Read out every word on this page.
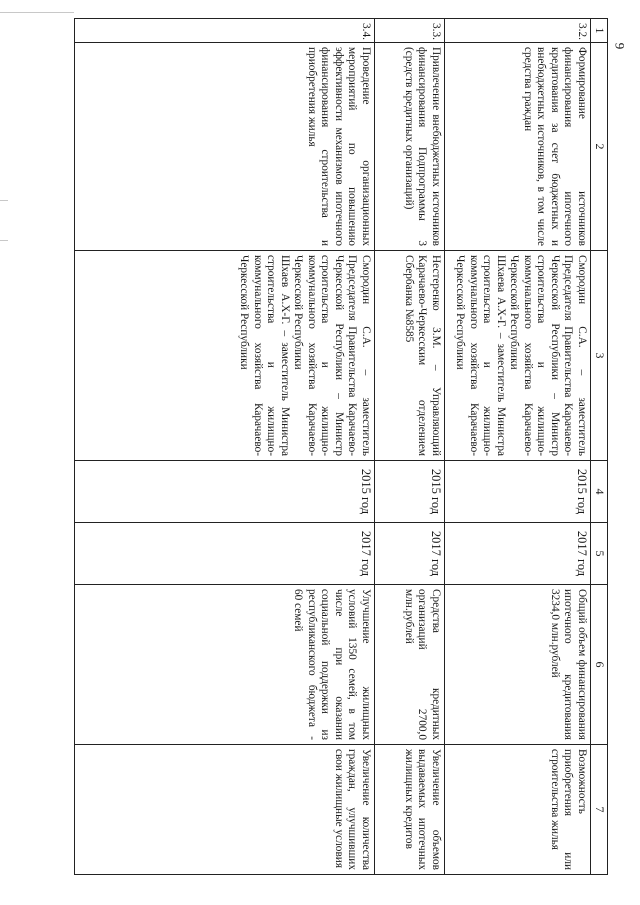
9
1	2	3	4	5	6	7
3.2.	Формирование источников финансирования ипотечного кредитования за счет бюджетных и внебюджетных источников, в том числе средства граждан	Смородин С.А. – заместитель Председателя Правительства Карачаево-Черкесской Республики – Министр строительства и жилищно-коммунального хозяйства Карачаево-Черкесской Республики
Шхаева А.Х-Г. – заместитель Министра строительства и жилищно-коммунального хозяйства Карачаево-Черкесской Республики	2015 год	2017 год	Общий объем финансирования ипотечного кредитования 3234,0 млн.рублей	Возможность приобретения или строительства жилья
3.3.	Привлечение внебюджетных источников финансирования Подпрограммы 3 (средств кредитных организаций)	Нестеренко З.М. – Управляющий Карачаево-Черкесским отделением Сбербанка №8585	2015 год	2017 год	Средства кредитных организаций 2700,0 млн.рублей	Увеличение объемов выдаваемых ипотечных жилищных кредитов
3.4.	Проведение организационных мероприятий по повышению эффективности механизмов ипотечного финансирования строительства и приобретения жилья	Смородин С.А. – заместитель Председателя Правительства Карачаево-Черкесской Республики – Министр строительства и жилищно-коммунального хозяйства Карачаево-Черкесской Республики
Шхаев А.Х-Г. – заместитель Министра строительства и жилищно-коммунального хозяйства Карачаево-Черкесской Республики	2015 год	2017 год	Улучшение жилищных условий 1350 семей, в том числе при оказании социальной поддержки из республиканского бюджета - 60 семей	Увеличение количества граждан, улучшивших свои жилищные условия
